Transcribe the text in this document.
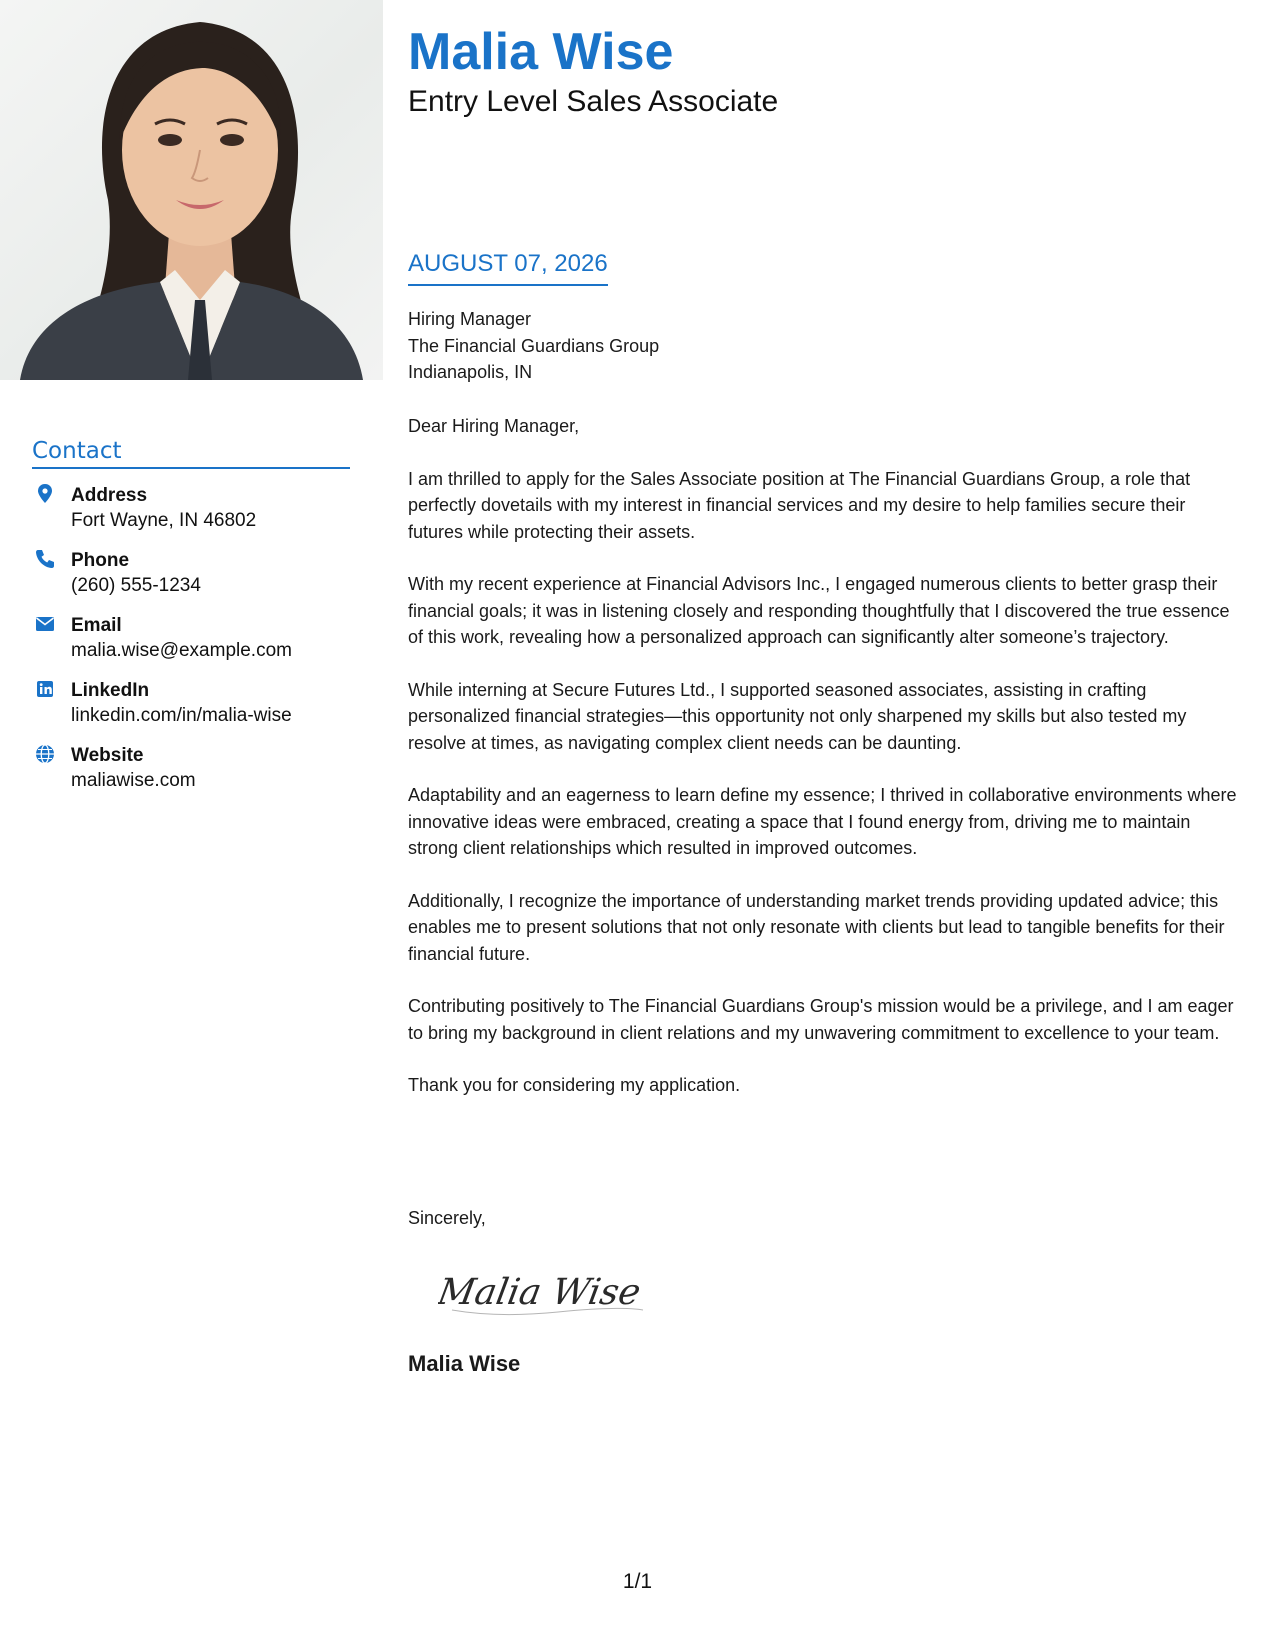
Contact
Address
Fort Wayne, IN 46802
Phone
(260) 555-1234
Email
malia.wise@example.com
LinkedIn
linkedin.com/in/malia-wise
Website
maliawise.com
Malia Wise
Entry Level Sales Associate
AUGUST 07, 2026
Hiring Manager
The Financial Guardians Group
Indianapolis, IN

Dear Hiring Manager,

I am thrilled to apply for the Sales Associate position at The Financial Guardians Group, a role that perfectly dovetails with my interest in financial services and my desire to help families secure their futures while protecting their assets.

With my recent experience at Financial Advisors Inc., I engaged numerous clients to better grasp their financial goals; it was in listening closely and responding thoughtfully that I discovered the true essence of this work, revealing how a personalized approach can significantly alter someone’s trajectory.

While interning at Secure Futures Ltd., I supported seasoned associates, assisting in crafting personalized financial strategies—this opportunity not only sharpened my skills but also tested my resolve at times, as navigating complex client needs can be daunting.

Adaptability and an eagerness to learn define my essence; I thrived in collaborative environments where innovative ideas were embraced, creating a space that I found energy from, driving me to maintain strong client relationships which resulted in improved outcomes.

Additionally, I recognize the importance of understanding market trends providing updated advice; this enables me to present solutions that not only resonate with clients but lead to tangible benefits for their financial future.

Contributing positively to The Financial Guardians Group's mission would be a privilege, and I am eager to bring my background in client relations and my unwavering commitment to excellence to your team.

Thank you for considering my application.

Sincerely,
Malia Wise
Malia Wise
1/1
